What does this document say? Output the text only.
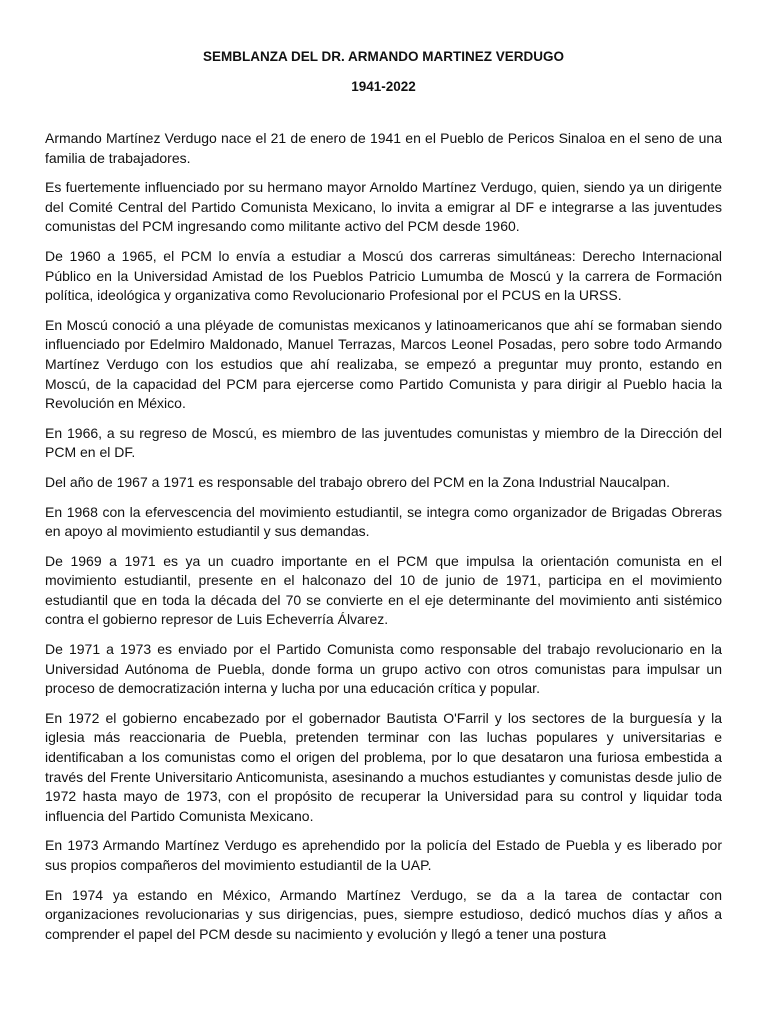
SEMBLANZA DEL DR. ARMANDO MARTINEZ VERDUGO
1941-2022

Armando Martínez Verdugo nace el 21 de enero de 1941 en el Pueblo de Pericos Sinaloa en el seno de una familia de trabajadores.

Es fuertemente influenciado por su hermano mayor Arnoldo Martínez Verdugo, quien, siendo ya un dirigente del Comité Central del Partido Comunista Mexicano, lo invita a emigrar al DF e integrarse a las juventudes comunistas del PCM ingresando como militante activo del PCM desde 1960.

De 1960 a 1965, el PCM lo envía a estudiar a Moscú dos carreras simultáneas: Derecho Internacional Público en la Universidad Amistad de los Pueblos Patricio Lumumba de Moscú y la carrera de Formación política, ideológica y organizativa como Revolucionario Profesional por el PCUS en la URSS.

En Moscú conoció a una pléyade de comunistas mexicanos y latinoamericanos que ahí se formaban siendo influenciado por Edelmiro Maldonado, Manuel Terrazas, Marcos Leonel Posadas, pero sobre todo Armando Martínez Verdugo con los estudios que ahí realizaba, se empezó a preguntar muy pronto, estando en Moscú, de la capacidad del PCM para ejercerse como Partido Comunista y para dirigir al Pueblo hacia la Revolución en México.

En 1966, a su regreso de Moscú, es miembro de las juventudes comunistas y miembro de la Dirección del PCM en el DF.

Del año de 1967 a 1971 es responsable del trabajo obrero del PCM en la Zona Industrial Naucalpan.

En 1968 con la efervescencia del movimiento estudiantil, se integra como organizador de Brigadas Obreras en apoyo al movimiento estudiantil y sus demandas.

De 1969 a 1971 es ya un cuadro importante en el PCM que impulsa la orientación comunista en el movimiento estudiantil, presente en el halconazo del 10 de junio de 1971, participa en el movimiento estudiantil que en toda la década del 70 se convierte en el eje determinante del movimiento anti sistémico contra el gobierno represor de Luis Echeverría Álvarez.

De 1971 a 1973 es enviado por el Partido Comunista como responsable del trabajo revolucionario en la Universidad Autónoma de Puebla, donde forma un grupo activo con otros comunistas para impulsar un proceso de democratización interna y lucha por una educación crítica y popular.

En 1972 el gobierno encabezado por el gobernador Bautista O'Farril y los sectores de la burguesía y la iglesia más reaccionaria de Puebla, pretenden terminar con las luchas populares y universitarias e identificaban a los comunistas como el origen del problema, por lo que desataron una furiosa embestida a través del Frente Universitario Anticomunista, asesinando a muchos estudiantes y comunistas desde julio de 1972 hasta mayo de 1973, con el propósito de recuperar la Universidad para su control y liquidar toda influencia del Partido Comunista Mexicano.

En 1973 Armando Martínez Verdugo es aprehendido por la policía del Estado de Puebla y es liberado por sus propios compañeros del movimiento estudiantil de la UAP.

En 1974 ya estando en México, Armando Martínez Verdugo, se da a la tarea de contactar con organizaciones revolucionarias y sus dirigencias, pues, siempre estudioso, dedicó muchos días y años a comprender el papel del PCM desde su nacimiento y evolución y llegó a tener una postura
